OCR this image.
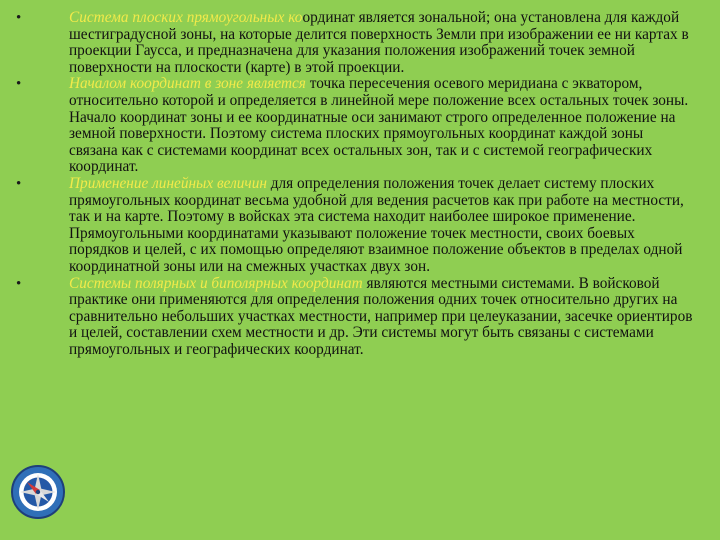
•	Система плоских прямоугольных координат является зональной; она установлена для каждой шестиградусной зоны, на которые делится поверхность Земли при изображении ее ни картах в проекции Гаусса, и предназначена для указания положения изображений точек земной поверхности на плоскости (карте) в этой проекции.
•	Началом координат в зоне является точка пересечения осевого меридиана с экватором, относительно которой и определяется в линейной мере положение всех остальных точек зоны. Начало координат зоны и ее координатные оси занимают строго определенное положение на земной поверхности. Поэтому система плоских прямоугольных координат каждой зоны связана как с системами координат всех остальных зон, так и с системой географических координат.
•	Применение линейных величин для определения положения точек делает систему плоских прямоугольных координат весьма удобной для ведения расчетов как при работе на местности, так и на карте. Поэтому в войсках эта система находит наиболее широкое применение. Прямоугольными координатами указывают положение точек местности, своих боевых порядков и целей, с их помощью определяют взаимное положение объектов в пределах одной координатной зоны или на смежных участках двух зон.
•	Системы полярных и биполярных координат являются местными системами. В войсковой практике они применяются для определения положения одних точек относительно других на сравнительно небольших участках местности, например при целеуказании, засечке ориентиров и целей, составлении схем местности и др. Эти системы могут быть связаны с системами прямоугольных и географических координат.
